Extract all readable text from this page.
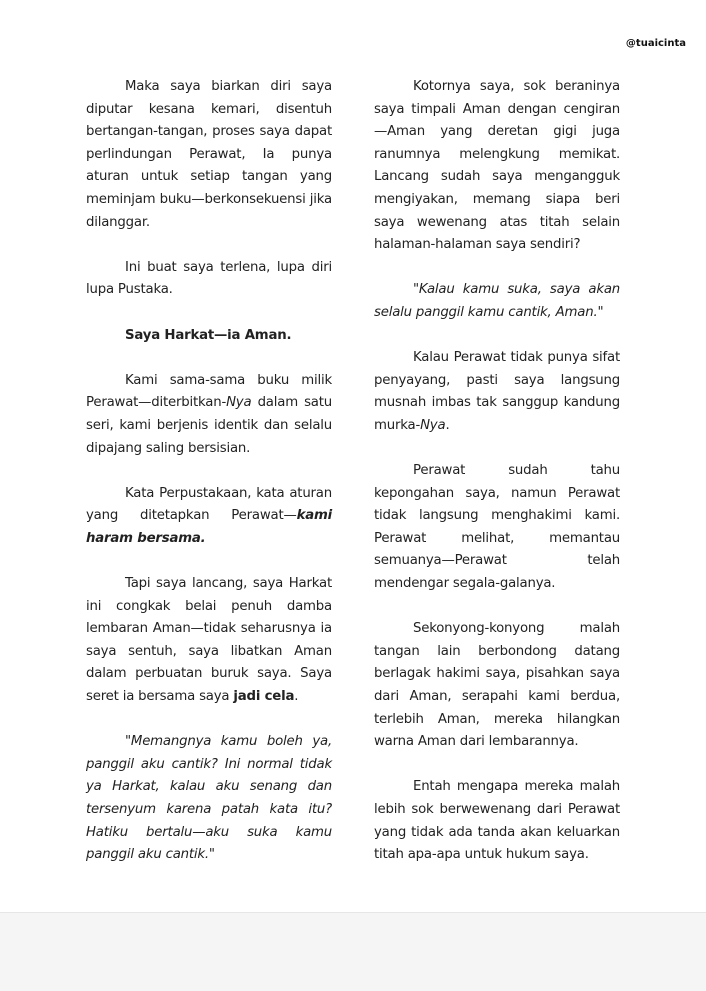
@tuaicinta

Maka saya biarkan diri saya diputar kesana kemari, disentuh bertangan-tangan, proses saya dapat perlindungan Perawat, Ia punya aturan untuk setiap tangan yang meminjam buku—berkonsekuensi jika dilanggar.

Ini buat saya terlena, lupa diri lupa Pustaka.

Saya Harkat—ia Aman.

Kami sama-sama buku milik Perawat—diterbitkan-Nya dalam satu seri, kami berjenis identik dan selalu dipajang saling bersisian.

Kata Perpustakaan, kata aturan yang ditetapkan Perawat—kami haram bersama.

Tapi saya lancang, saya Harkat ini congkak belai penuh damba lembaran Aman—tidak seharusnya ia saya sentuh, saya libatkan Aman dalam perbuatan buruk saya. Saya seret ia bersama saya jadi cela.

"Memangnya kamu boleh ya, panggil aku cantik? Ini normal tidak ya Harkat, kalau aku senang dan tersenyum karena patah kata itu? Hatiku bertalu—aku suka kamu panggil aku cantik."

Kotornya saya, sok beraninya saya timpali Aman dengan cengiran—Aman yang deretan gigi juga ranumnya melengkung memikat. Lancang sudah saya mengangguk mengiyakan, memang siapa beri saya wewenang atas titah selain halaman-halaman saya sendiri?

"Kalau kamu suka, saya akan selalu panggil kamu cantik, Aman."

Kalau Perawat tidak punya sifat penyayang, pasti saya langsung musnah imbas tak sanggup kandung murka-Nya.

Perawat sudah tahu kepongahan saya, namun Perawat tidak langsung menghakimi kami. Perawat melihat, memantau semuanya—Perawat telah mendengar segala-galanya.

Sekonyong-konyong malah tangan lain berbondong datang berlagak hakimi saya, pisahkan saya dari Aman, serapahi kami berdua, terlebih Aman, mereka hilangkan warna Aman dari lembarannya.

Entah mengapa mereka malah lebih sok berwewenang dari Perawat yang tidak ada tanda akan keluarkan titah apa-apa untuk hukum saya.
